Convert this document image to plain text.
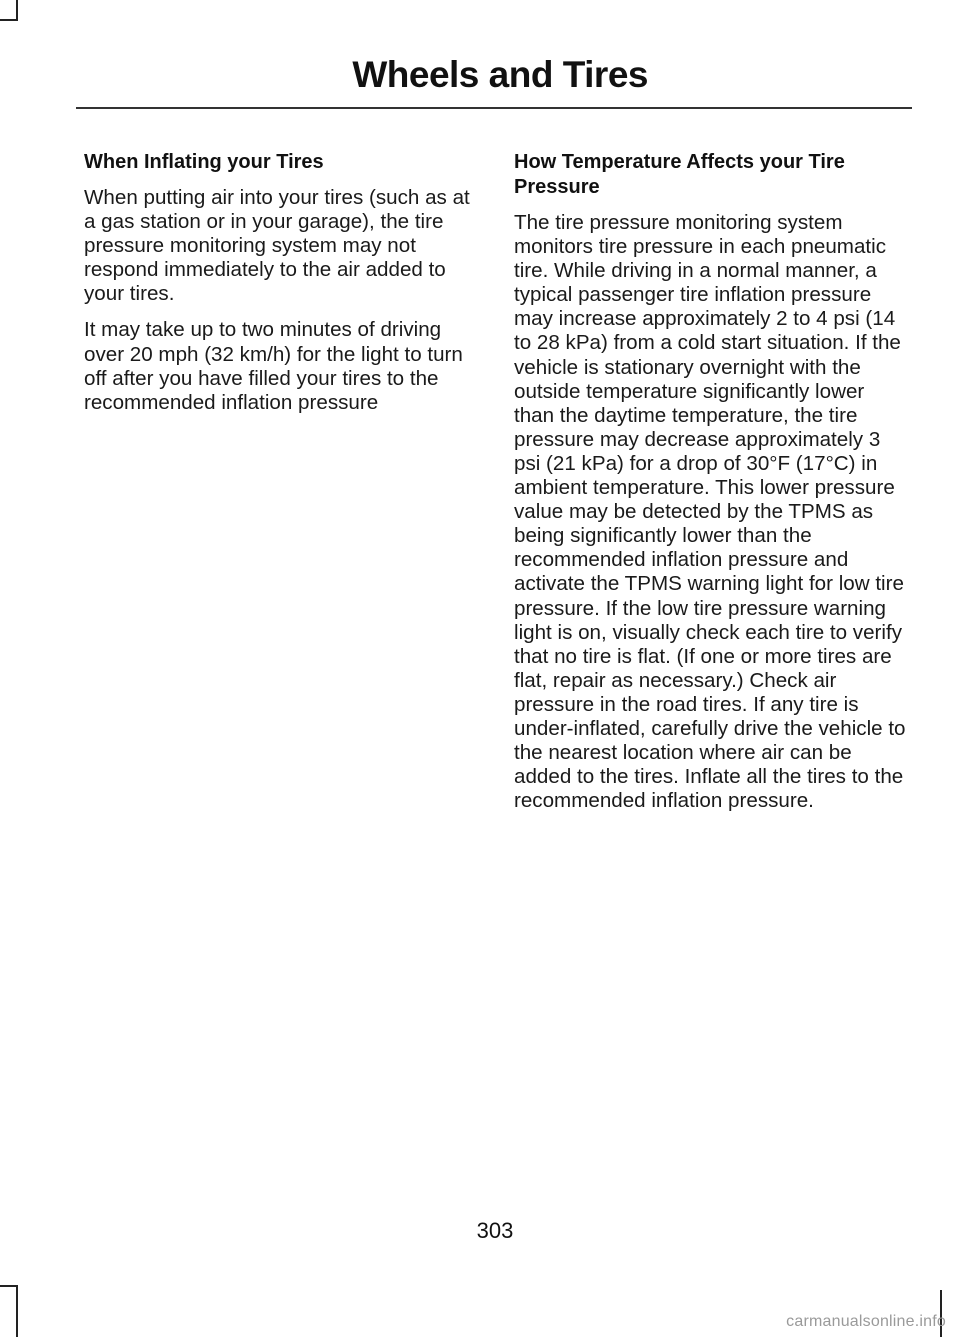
Wheels and Tires
When Inflating your Tires

When putting air into your tires (such as at a gas station or in your garage), the tire pressure monitoring system may not respond immediately to the air added to your tires.

It may take up to two minutes of driving over 20 mph (32 km/h) for the light to turn off after you have filled your tires to the recommended inflation pressure

How Temperature Affects your Tire Pressure

The tire pressure monitoring system monitors tire pressure in each pneumatic tire. While driving in a normal manner, a typical passenger tire inflation pressure may increase approximately 2 to 4 psi (14 to 28 kPa) from a cold start situation. If the vehicle is stationary overnight with the outside temperature significantly lower than the daytime temperature, the tire pressure may decrease approximately 3 psi (21 kPa) for a drop of 30°F (17°C) in ambient temperature. This lower pressure value may be detected by the TPMS as being significantly lower than the recommended inflation pressure and activate the TPMS warning light for low tire pressure. If the low tire pressure warning light is on, visually check each tire to verify that no tire is flat. (If one or more tires are flat, repair as necessary.) Check air pressure in the road tires. If any tire is under-inflated, carefully drive the vehicle to the nearest location where air can be added to the tires. Inflate all the tires to the recommended inflation pressure.

303
carmanualsonline.info
